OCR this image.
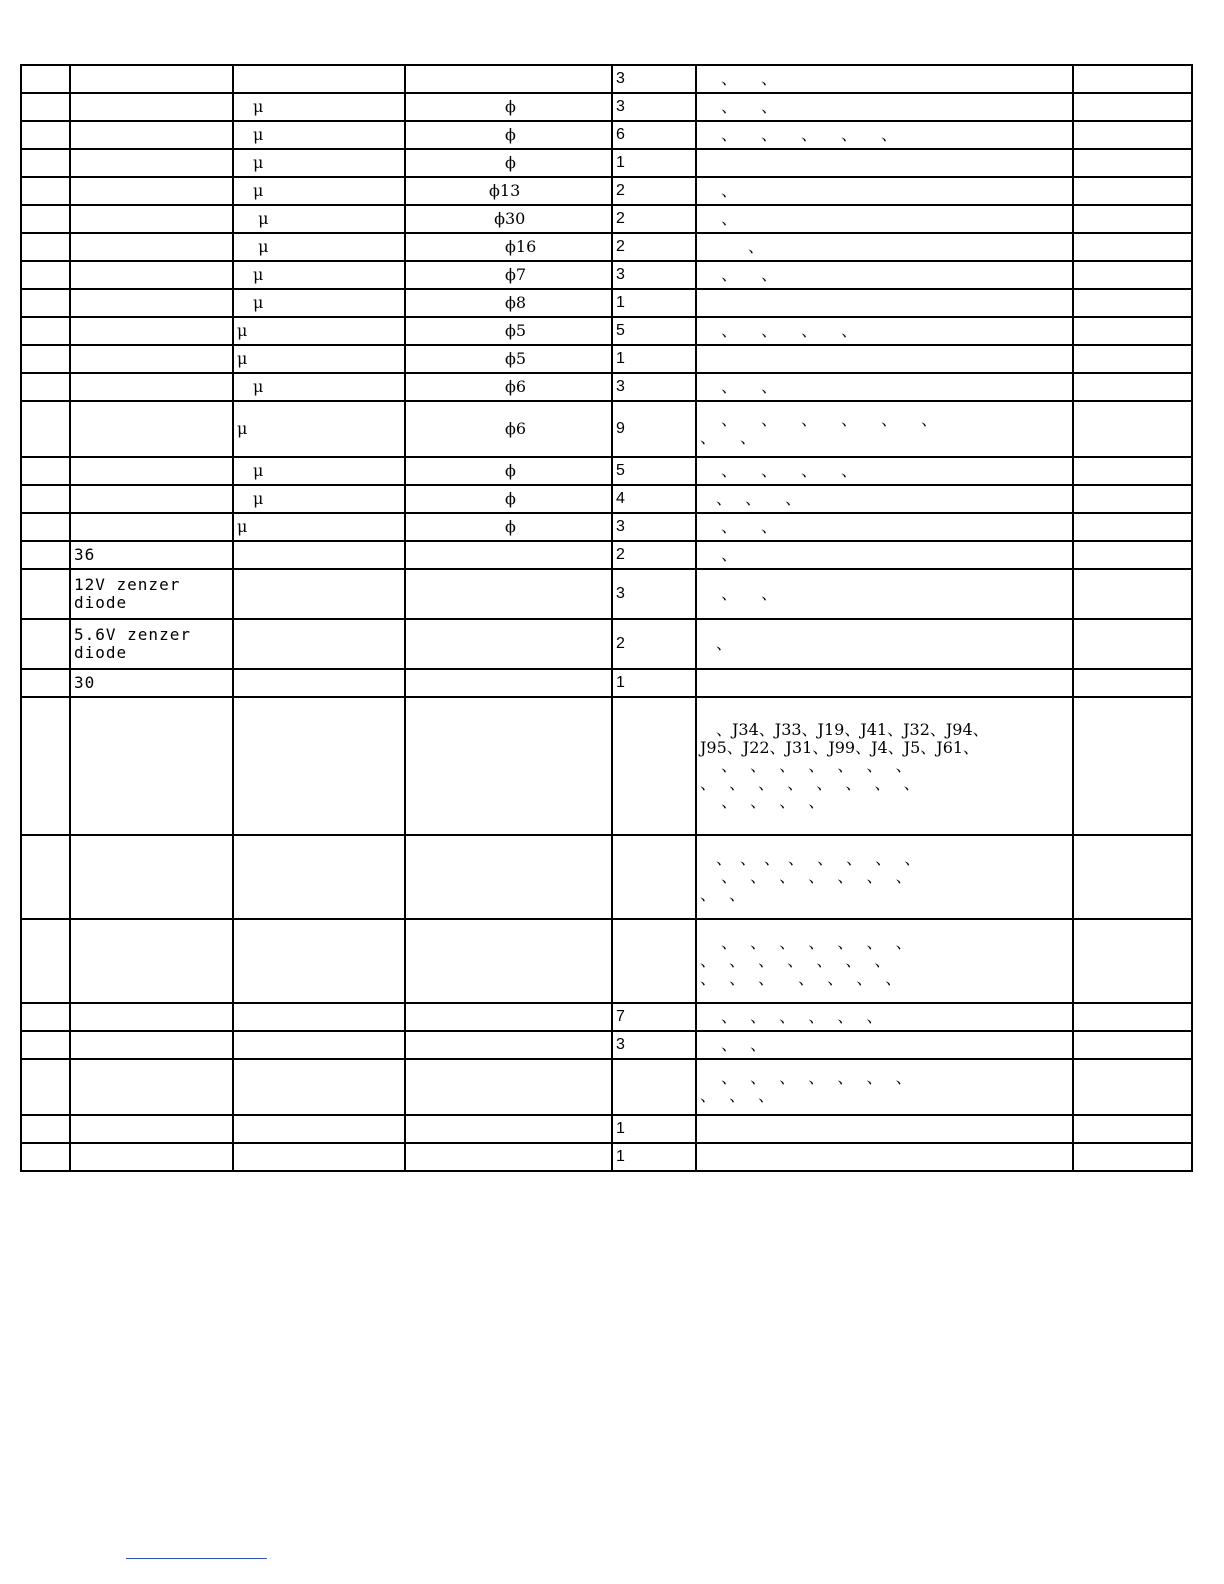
				3	　 、　　、	
		　μ	　　　　　　ϕ	3	　 、　　、	
		　μ	　　　　　　ϕ	6	　 、　　、　　、　　、　　、	
		　μ	　　　　　　ϕ	1		
		　μ	　　　　　ϕ13	2	　 、	
		　 μ	　　　　　 ϕ30	2	　 、	
		　 μ	　　　　　　ϕ16	2	　　　、	
		　μ	　　　　　　ϕ7	3	　 、　　、	
		　μ	　　　　　　ϕ8	1		
		μ	　　　　　　ϕ5	5	　 、　　、　　、　　、	
		μ	　　　　　　ϕ5	1		
		　μ	　　　　　　ϕ6	3	　 、　　、	
		μ	　　　　　　ϕ6	9	　 、　　、　　、　　、　　、　　、
、　　、	
		　μ	　　　　　　ϕ	5	　 、　　、　　、　　、	
		　μ	　　　　　　ϕ	4	　、　 、　　、	
		μ	　　　　　　ϕ	3	　 、　　、	
	36			2	　 、	
	12V zenzer
diode			3	　 、　　、	
	5.6V zenzer
diode			2	　、	
	30			1		
					　、J34、J33、J19、J41、J32、J94、
J95、J22、J31、J99、J4、J5、J61、
　 、　 、　 、　 、　 、　 、　 、
、　 、　 、　 、　 、　 、　 、　 、
　 、　 、　 、　 、	
					　、　、　、　、　 、　 、　 、　 、
　 、　 、　 、　 、　 、　 、　 、
、　 、	
					　 、　 、　 、　 、　 、　 、　 、
、　 、　 、　 、　 、　 、　 、
、　 、　 、　　、　 、　 、　 、	
				7	　 、　 、　 、　 、　 、　 、	
				3	　 、　 、	
					　 、　 、　 、　 、　 、　 、　 、
、　 、　 、	
				1		
				1		
